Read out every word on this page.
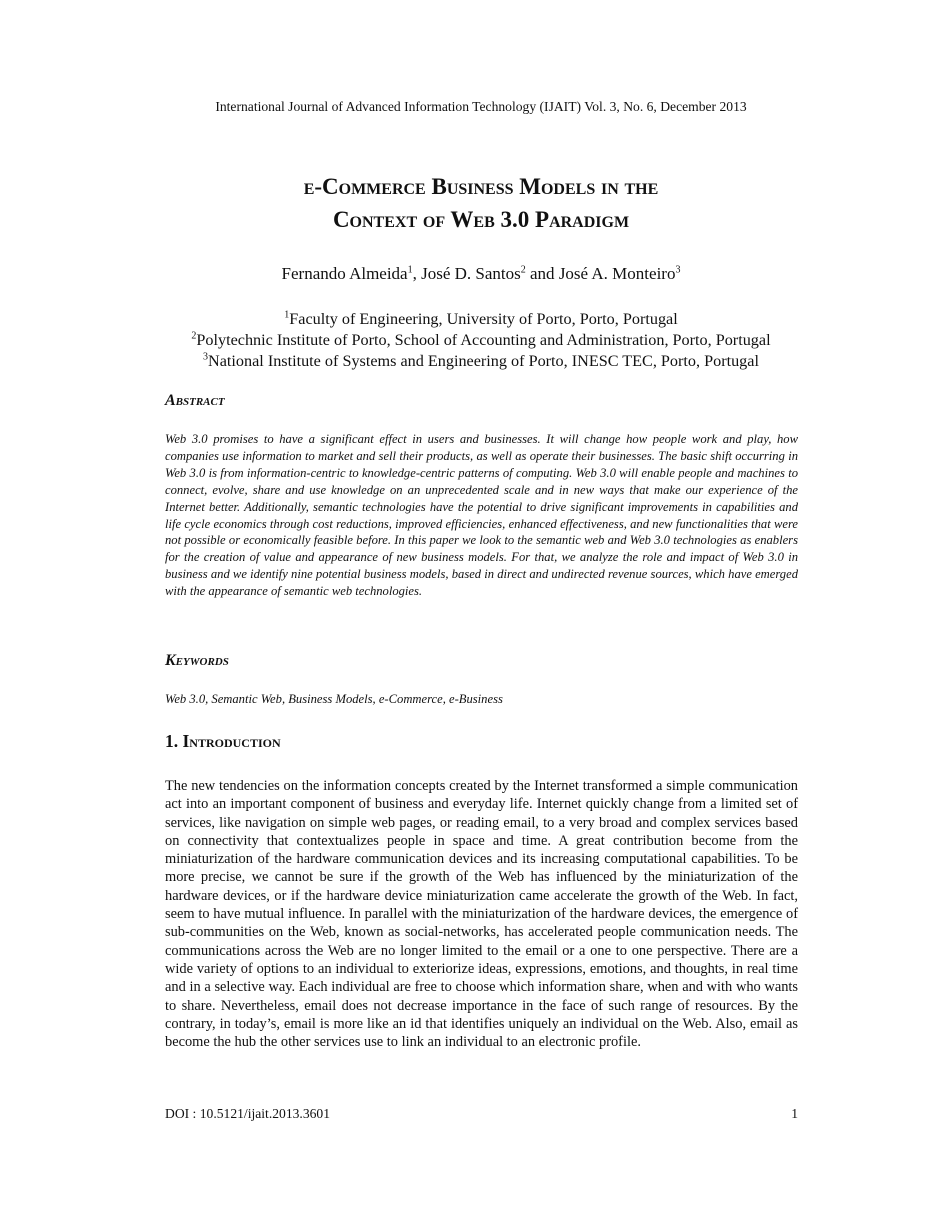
International Journal of Advanced Information Technology (IJAIT) Vol. 3, No. 6, December 2013
e-Commerce Business Models in the
Context of Web 3.0 Paradigm
Fernando Almeida$^1$, José D. Santos$^2$ and José A. Monteiro$^3$
$^1$Faculty of Engineering, University of Porto, Porto, Portugal
$^2$Polytechnic Institute of Porto, School of Accounting and Administration, Porto, Portugal
$^3$National Institute of Systems and Engineering of Porto, INESC TEC, Porto, Portugal
Abstract
Web 3.0 promises to have a significant effect in users and businesses. It will change how people work and play, how companies use information to market and sell their products, as well as operate their businesses. The basic shift occurring in Web 3.0 is from information-centric to knowledge-centric patterns of computing. Web 3.0 will enable people and machines to connect, evolve, share and use knowledge on an unprecedented scale and in new ways that make our experience of the Internet better. Additionally, semantic technologies have the potential to drive significant improvements in capabilities and life cycle economics through cost reductions, improved efficiencies, enhanced effectiveness, and new functionalities that were not possible or economically feasible before. In this paper we look to the semantic web and Web 3.0 technologies as enablers for the creation of value and appearance of new business models. For that, we analyze the role and impact of Web 3.0 in business and we identify nine potential business models, based in direct and undirected revenue sources, which have emerged with the appearance of semantic web technologies.
Keywords
Web 3.0, Semantic Web, Business Models, e-Commerce, e-Business
1. Introduction
The new tendencies on the information concepts created by the Internet transformed a simple communication act into an important component of business and everyday life. Internet quickly change from a limited set of services, like navigation on simple web pages, or reading email, to a very broad and complex services based on connectivity that contextualizes people in space and time. A great contribution become from the miniaturization of the hardware communication devices and its increasing computational capabilities. To be more precise, we cannot be sure if the growth of the Web has influenced by the miniaturization of the hardware devices, or if the hardware device miniaturization came accelerate the growth of the Web. In fact, seem to have mutual influence. In parallel with the miniaturization of the hardware devices, the emergence of sub-communities on the Web, known as social-networks, has accelerated people communication needs. The communications across the Web are no longer limited to the email or a one to one perspective. There are a wide variety of options to an individual to exteriorize ideas, expressions, emotions, and thoughts, in real time and in a selective way. Each individual are free to choose which information share, when and with who wants to share. Nevertheless, email does not decrease importance in the face of such range of resources. By the contrary, in today’s, email is more like an id that identifies uniquely an individual on the Web. Also, email as become the hub the other services use to link an individual to an electronic profile.
DOI : 10.5121/ijait.2013.3601	1
